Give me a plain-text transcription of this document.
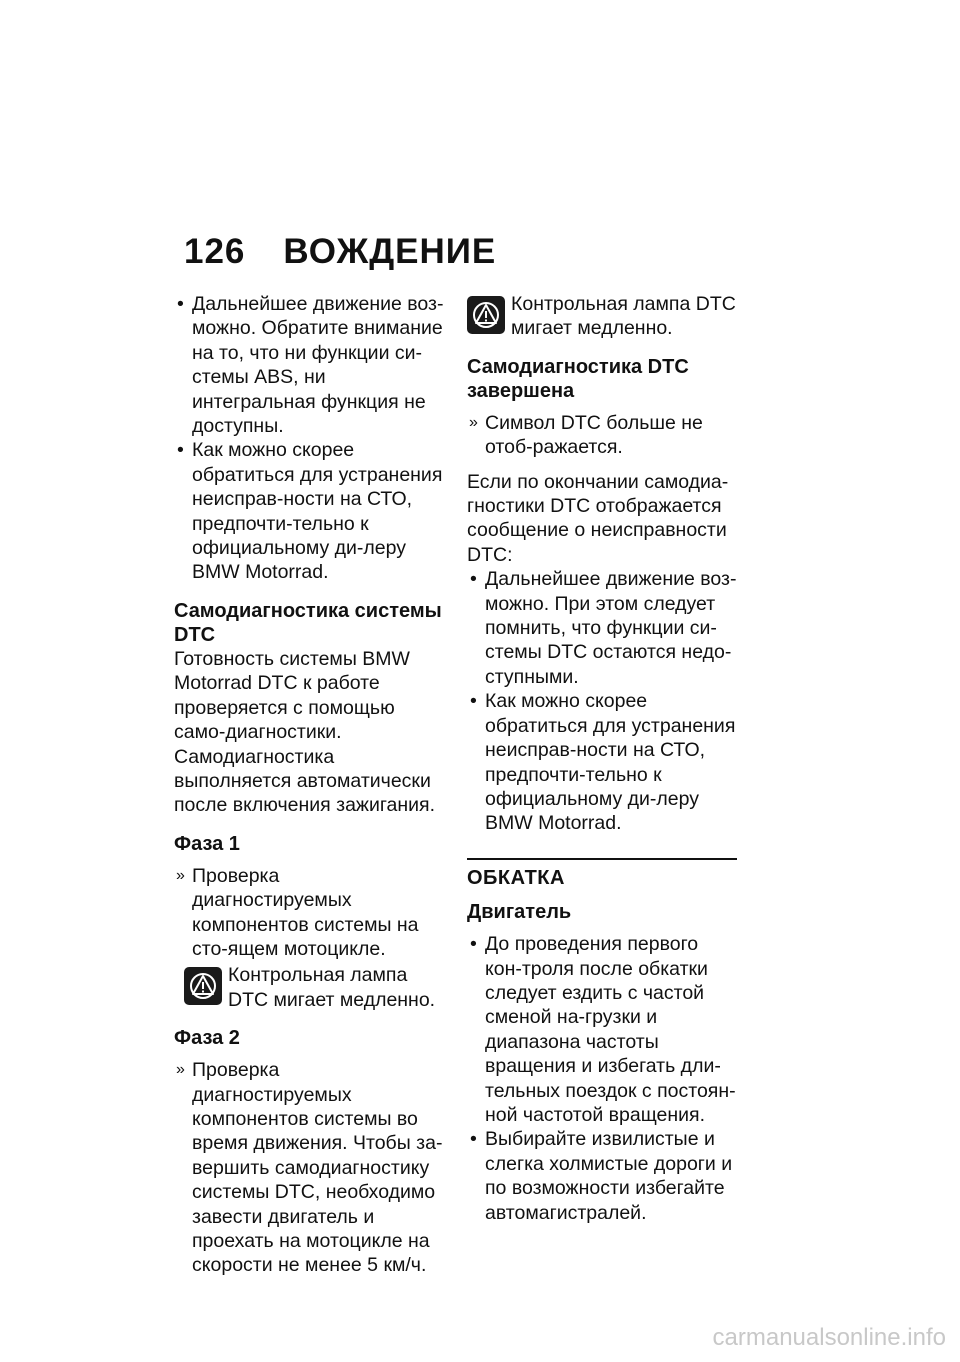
126 ВОЖДЕНИЕ
• Дальнейшее движение воз-можно. Обратите внимание на то, что ни функции си-стемы ABS, ни интегральная функция не доступны.
• Как можно скорее обратиться для устранения неисправ-ности на СТО, предпочти-тельно к официальному ди-леру BMW Motorrad.
Самодиагностика системы DTC
Готовность системы BMW Motorrad DTC к работе проверяется с помощью само-диагностики. Самодиагностика выполняется автоматически после включения зажигания.
Фаза 1
» Проверка диагностируемых компонентов системы на сто-ящем мотоцикле.
Контрольная лампа DTC мигает медленно.
Фаза 2
» Проверка диагностируемых компонентов системы во время движения. Чтобы за-вершить самодиагностику системы DTC, необходимо завести двигатель и проехать на мотоцикле на скорости не менее 5 км/ч.
Контрольная лампа DTC мигает медленно.
Самодиагностика DTC завершена
» Символ DTC больше не отоб-ражается.
Если по окончании самодиа-гностики DTC отображается сообщение о неисправности DTC:
• Дальнейшее движение воз-можно. При этом следует помнить, что функции си-стемы DTC остаются недо-ступными.
• Как можно скорее обратиться для устранения неисправ-ности на СТО, предпочти-тельно к официальному ди-леру BMW Motorrad.
ОБКАТКА
Двигатель
• До проведения первого кон-троля после обкатки следует ездить с частой сменой на-грузки и диапазона частоты вращения и избегать дли-тельных поездок с постоян-ной частотой вращения.
• Выбирайте извилистые и слегка холмистые дороги и по возможности избегайте автомагистралей.
carmanualsonline.info
